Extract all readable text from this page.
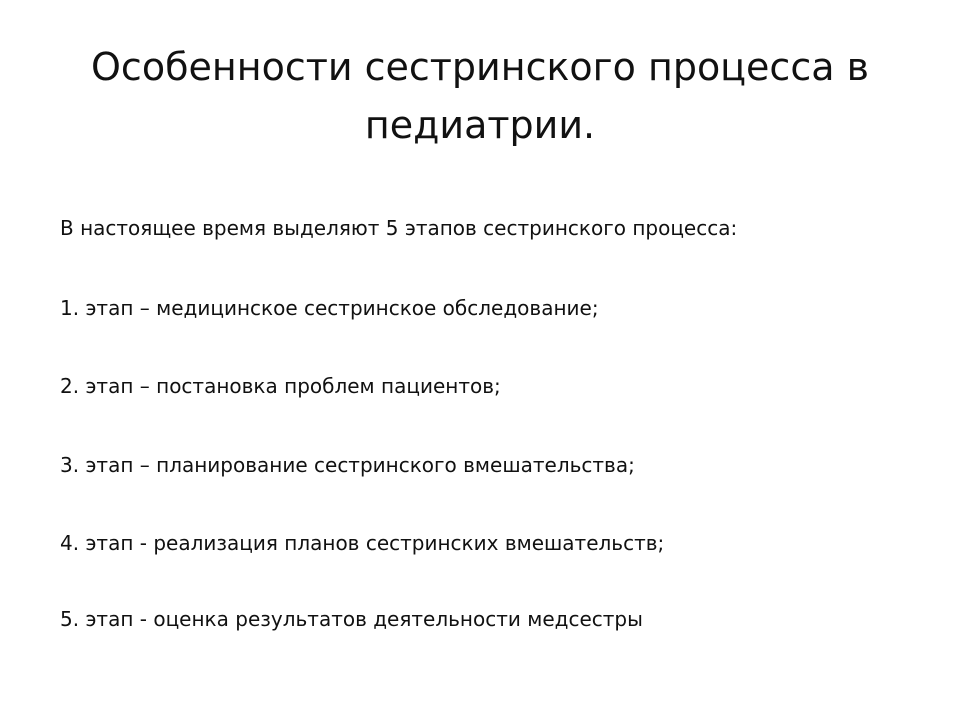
Особенности сестринского процесса в
педиатрии.
В настоящее время выделяют 5 этапов сестринского процесса:
1. этап – медицинское сестринское обследование;
2. этап – постановка проблем пациентов;
3. этап – планирование сестринского вмешательства;
4. этап - реализация планов сестринских вмешательств;
5. этап - оценка результатов деятельности медсестры
